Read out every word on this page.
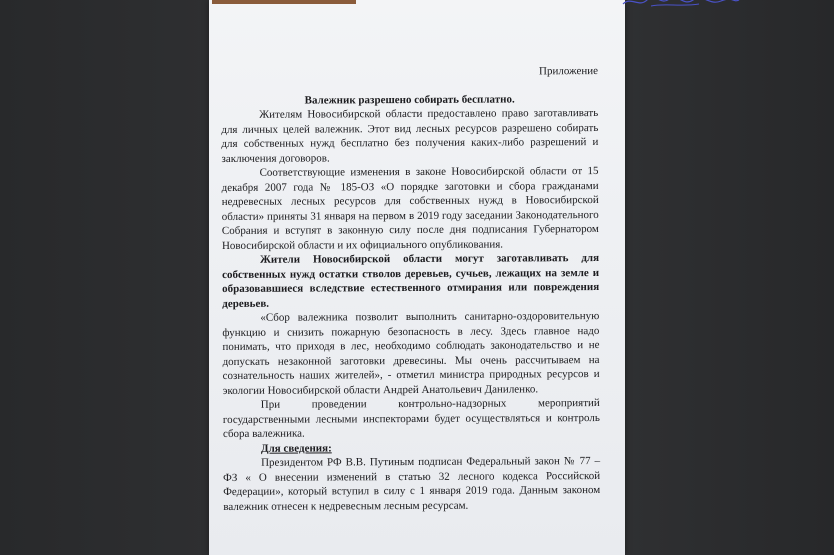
Приложение

Валежник разрешено собирать бесплатно.

Жителям Новосибирской области предоставлено право заготавливать для личных целей валежник. Этот вид лесных ресурсов разрешено собирать для собственных нужд бесплатно без получения каких-либо разрешений и заключения договоров.

Соответствующие изменения в законе Новосибирской области от 15 декабря 2007 года № 185-ОЗ «О порядке заготовки и сбора гражданами недревесных лесных ресурсов для собственных нужд в Новосибирской области» приняты 31 января на первом в 2019 году заседании Законодательного Собрания и вступят в законную силу после дня подписания Губернатором Новосибирской области и их официального опубликования.

Жители Новосибирской области могут заготавливать для собственных нужд остатки стволов деревьев, сучьев, лежащих на земле и образовавшиеся вследствие естественного отмирания или повреждения деревьев.

«Сбор валежника позволит выполнить санитарно-оздоровительную функцию и снизить пожарную безопасность в лесу. Здесь главное надо понимать, что приходя в лес, необходимо соблюдать законодательство и не допускать незаконной заготовки древесины. Мы очень рассчитываем на сознательность наших жителей», - отметил министра природных ресурсов и экологии Новосибирской области Андрей Анатольевич Даниленко.

При проведении контрольно-надзорных мероприятий государственными лесными инспекторами будет осуществляться и контроль сбора валежника.

Для сведения:

Президентом РФ В.В. Путиным подписан Федеральный закон № 77 – ФЗ « О внесении изменений в статью 32 лесного кодекса Российской Федерации», который вступил в силу с 1 января 2019 года. Данным законом валежник отнесен к недревесным лесным ресурсам.
